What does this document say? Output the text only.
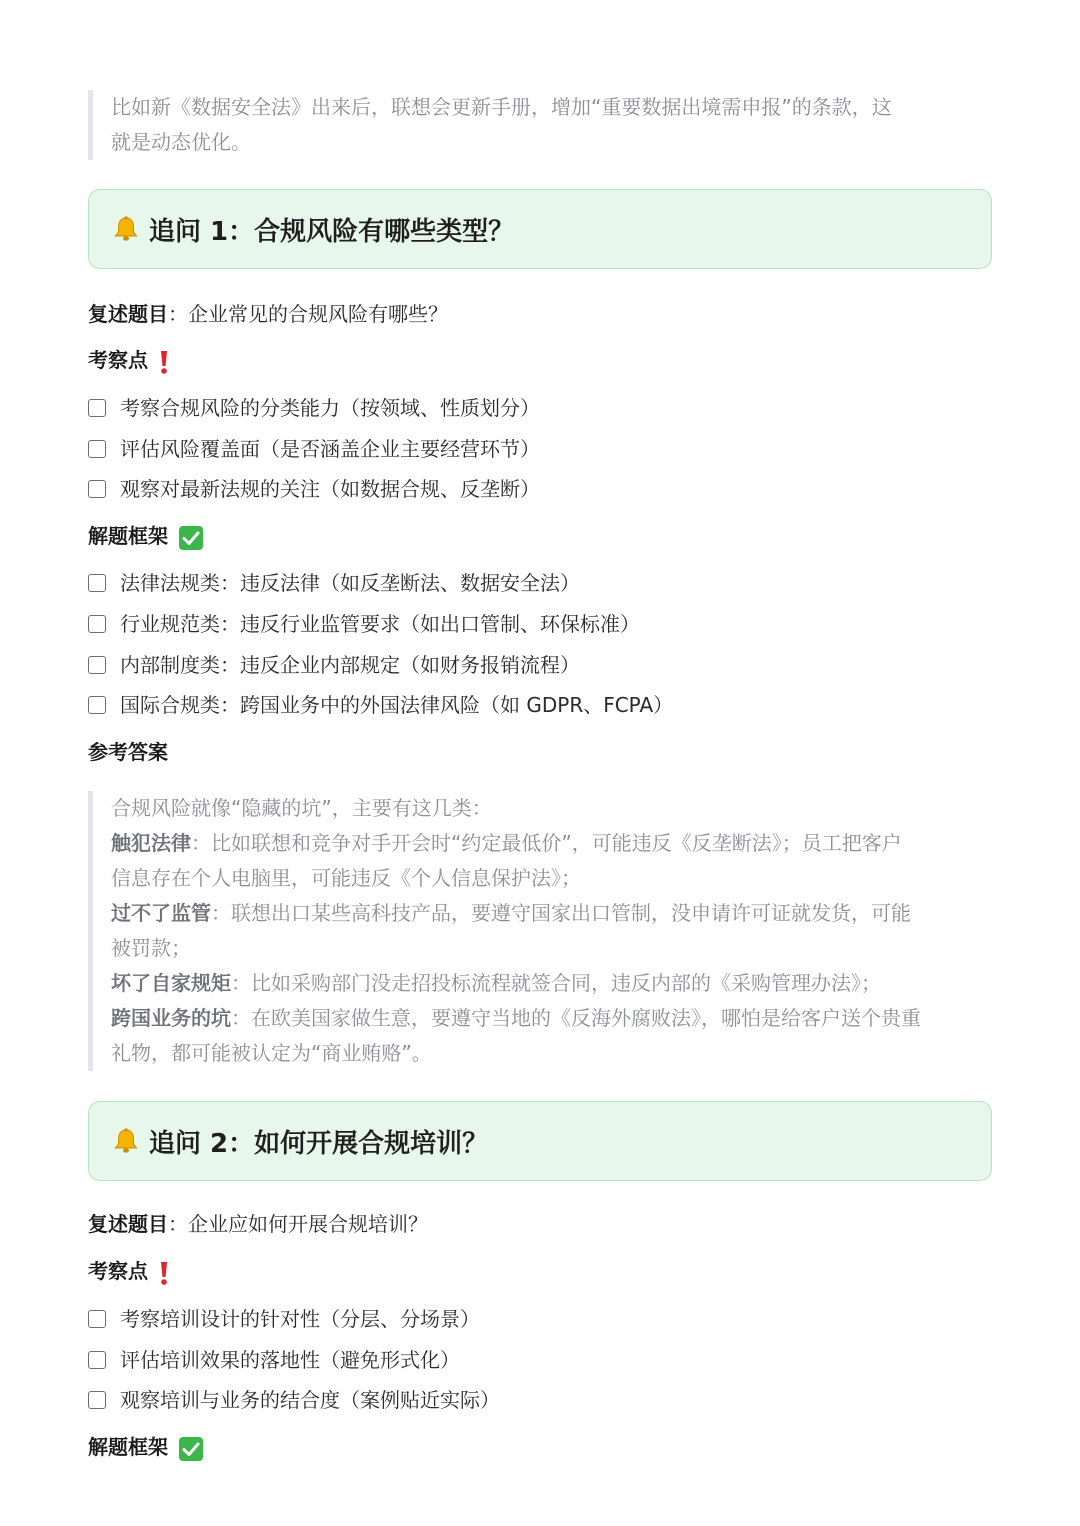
比如新《数据安全法》出来后，联想会更新手册，增加“重要数据出境需申报”的条款，这

就是动态优化。

追问 1：合规风险有哪些类型？
复述题目：企业常见的合规风险有哪些？
考察点
考察合规风险的分类能力（按领域、性质划分）
评估风险覆盖面（是否涵盖企业主要经营环节）
观察对最新法规的关注（如数据合规、反垄断）
解题框架
法律法规类：违反法律（如反垄断法、数据安全法）
行业规范类：违反行业监管要求（如出口管制、环保标准）
内部制度类：违反企业内部规定（如财务报销流程）
国际合规类：跨国业务中的外国法律风险（如 GDPR、FCPA）
参考答案

合规风险就像“隐藏的坑”，主要有这几类：

触犯法律：比如联想和竞争对手开会时“约定最低价”，可能违反《反垄断法》；员工把客户

信息存在个人电脑里，可能违反《个人信息保护法》；

过不了监管：联想出口某些高科技产品，要遵守国家出口管制，没申请许可证就发货，可能

被罚款；

坏了自家规矩：比如采购部门没走招投标流程就签合同，违反内部的《采购管理办法》；

跨国业务的坑：在欧美国家做生意，要遵守当地的《反海外腐败法》，哪怕是给客户送个贵重

礼物，都可能被认定为“商业贿赂”。

追问 2：如何开展合规培训？
复述题目：企业应如何开展合规培训？
考察点
考察培训设计的针对性（分层、分场景）
评估培训效果的落地性（避免形式化）
观察培训与业务的结合度（案例贴近实际）
解题框架
